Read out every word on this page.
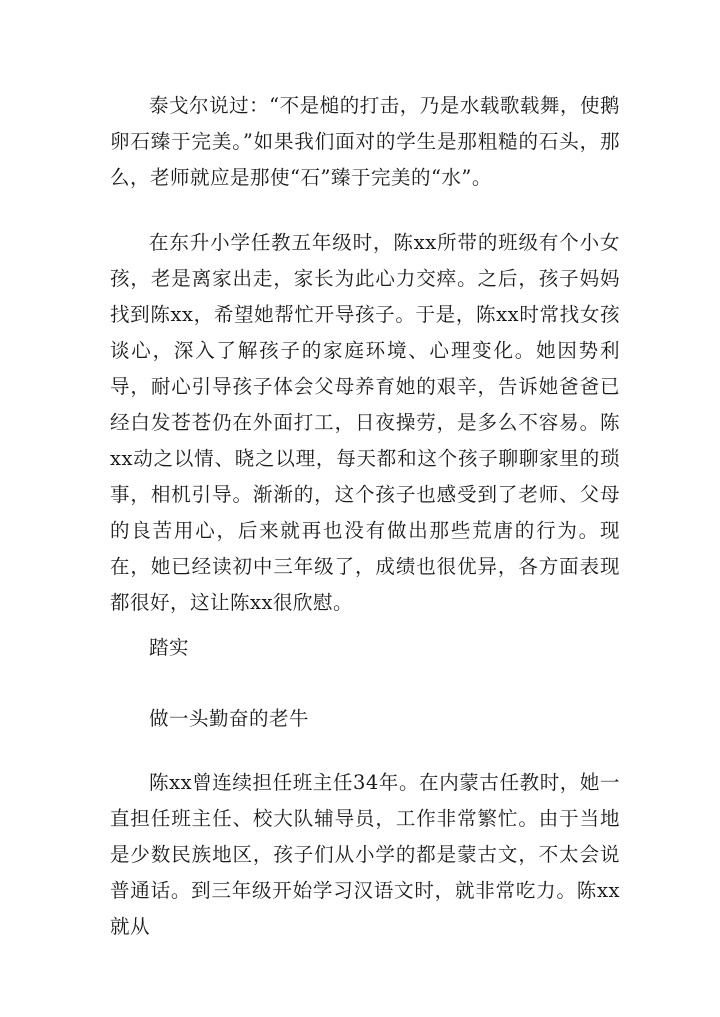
泰戈尔说过：“不是槌的打击，乃是水载歌载舞，使鹅卵石臻于完美。”如果我们面对的学生是那粗糙的石头，那么，老师就应是那使“石”臻于完美的“水”。

在东升小学任教五年级时，陈xx所带的班级有个小女孩，老是离家出走，家长为此心力交瘁。之后，孩子妈妈找到陈xx，希望她帮忙开导孩子。于是，陈xx时常找女孩谈心，深入了解孩子的家庭环境、心理变化。她因势利导，耐心引导孩子体会父母养育她的艰辛，告诉她爸爸已经白发苍苍仍在外面打工，日夜操劳，是多么不容易。陈xx动之以情、晓之以理，每天都和这个孩子聊聊家里的琐事，相机引导。渐渐的，这个孩子也感受到了老师、父母的良苦用心，后来就再也没有做出那些荒唐的行为。现在，她已经读初中三年级了，成绩也很优异，各方面表现都很好，这让陈xx很欣慰。

踏实

做一头勤奋的老牛

陈xx曾连续担任班主任34年。在内蒙古任教时，她一直担任班主任、校大队辅导员，工作非常繁忙。由于当地是少数民族地区，孩子们从小学的都是蒙古文，不太会说普通话。到三年级开始学习汉语文时，就非常吃力。陈xx就从
